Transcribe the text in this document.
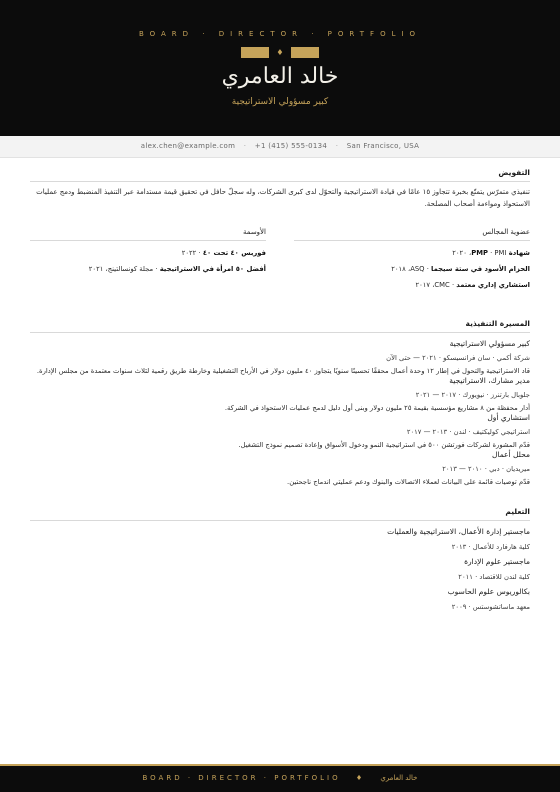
BOARD · DIRECTOR · PORTFOLIO
♦
خالد العامري
كبير مسؤولي الاستراتيجية
alex.chen@example.com · +1 (415) 555-0134 · San Francisco, USA
التفويض
تنفيذي متمرّس يتمتّع بخبرة تتجاوز ١٥ عامًا في قيادة الاستراتيجية والتحوّل لدى كبرى الشركات، وله سجلّ حافل في تحقيق قيمة مستدامة عبر التنفيذ المنضبط ودمج عمليات الاستحواذ ومواءمة أصحاب المصلحة.
عضوية المجالس
شهادة PMP · PMI، ٢٠٢٠
الحزام الأسود في ستة سيجما · ASQ، ٢٠١٨
استشاري إداري معتمد · CMC، ٢٠١٧
الأوسمة
فوربس ٤٠ تحت ٤٠ · ٢٠٢٢
أفضل ٥٠ امرأة في الاستراتيجية · مجلة كونسالتينج، ٢٠٢١
المسيرة التنفيذية
كبير مسؤولي الاستراتيجية
شركة أكمي · سان فرانسيسكو · ٢٠٢١ — حتى الآن
قاد الاستراتيجية والتحول في إطار ١٢ وحدة أعمال محققًا تحسينًا سنويًا يتجاوز ٤٠ مليون دولار في الأرباح التشغيلية وخارطة طريق رقمية لثلاث سنوات معتمدة من مجلس الإدارة.
مدير مشارك، الاستراتيجية
جلوبال بارتنرز · نيويورك · ٢٠١٧ — ٢٠٢١
أدار محفظة من ٨ مشاريع مؤسسية بقيمة ٢٥ مليون دولار وبنى أول دليل لدمج عمليات الاستحواذ في الشركة.
استشاري أول
استراتيجي كوليكتيف · لندن · ٢٠١٣ — ٢٠١٧
قدّم المشورة لشركات فورتشن ٥٠٠ في استراتيجية النمو ودخول الأسواق وإعادة تصميم نموذج التشغيل.
محلل أعمال
ميريديان · دبي · ٢٠١٠ — ٢٠١٣
قدّم توصيات قائمة على البيانات لعملاء الاتصالات والبنوك ودعم عمليتي اندماج ناجحتين.
التعليم
ماجستير إدارة الأعمال، الاستراتيجية والعمليات
كلية هارفارد للأعمال · ٢٠١٣
ماجستير علوم الإدارة
كلية لندن للاقتصاد · ٢٠١١
بكالوريوس علوم الحاسوب
معهد ماساتشوستس · ٢٠٠٩
BOARD · DIRECTOR · PORTFOLIO ♦ خالد العامري
